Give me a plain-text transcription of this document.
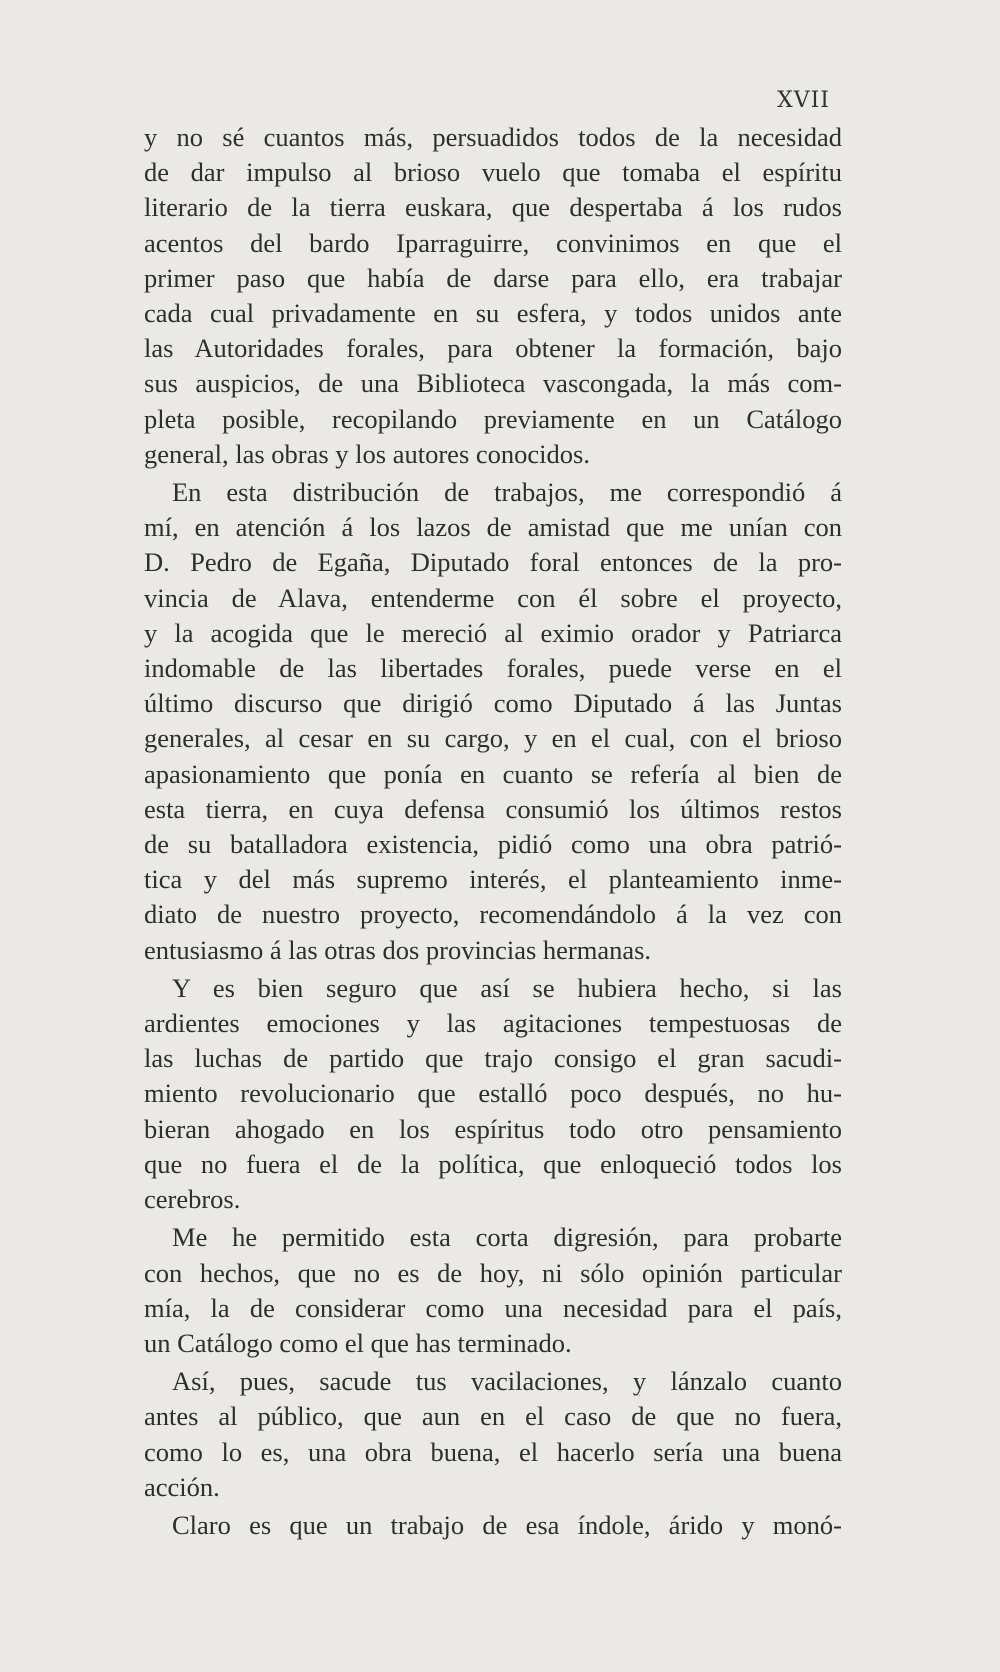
XVII

y no sé cuantos más, persuadidos todos de la necesidad
de dar impulso al brioso vuelo que tomaba el espíritu
literario de la tierra euskara, que despertaba á los rudos
acentos del bardo Iparraguirre, convinimos en que el
primer paso que había de darse para ello, era trabajar
cada cual privadamente en su esfera, y todos unidos ante
las Autoridades forales, para obtener la formación, bajo
sus auspicios, de una Biblioteca vascongada, la más com-
pleta posible, recopilando previamente en un Catálogo
general, las obras y los autores conocidos.

En esta distribución de trabajos, me correspondió á
mí, en atención á los lazos de amistad que me unían con
D. Pedro de Egaña, Diputado foral entonces de la pro-
vincia de Alava, entenderme con él sobre el proyecto,
y la acogida que le mereció al eximio orador y Patriarca
indomable de las libertades forales, puede verse en el
último discurso que dirigió como Diputado á las Juntas
generales, al cesar en su cargo, y en el cual, con el brioso
apasionamiento que ponía en cuanto se refería al bien de
esta tierra, en cuya defensa consumió los últimos restos
de su batalladora existencia, pidió como una obra patrió-
tica y del más supremo interés, el planteamiento inme-
diato de nuestro proyecto, recomendándolo á la vez con
entusiasmo á las otras dos provincias hermanas.

Y es bien seguro que así se hubiera hecho, si las
ardientes emociones y las agitaciones tempestuosas de
las luchas de partido que trajo consigo el gran sacudi-
miento revolucionario que estalló poco después, no hu-
bieran ahogado en los espíritus todo otro pensamiento
que no fuera el de la política, que enloqueció todos los
cerebros.

Me he permitido esta corta digresión, para probarte
con hechos, que no es de hoy, ni sólo opinión particular
mía, la de considerar como una necesidad para el país,
un Catálogo como el que has terminado.

Así, pues, sacude tus vacilaciones, y lánzalo cuanto
antes al público, que aun en el caso de que no fuera,
como lo es, una obra buena, el hacerlo sería una buena
acción.

Claro es que un trabajo de esa índole, árido y monó-
